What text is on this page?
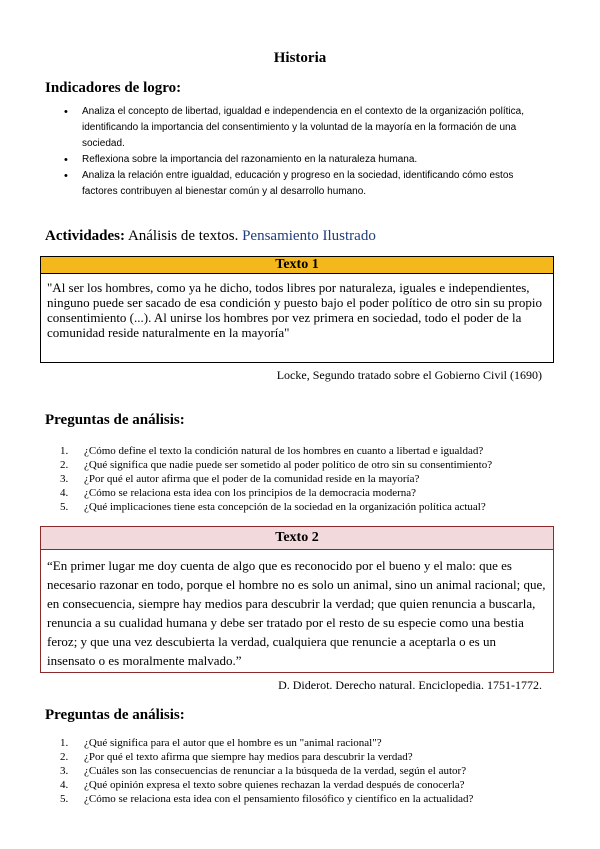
Historia
Indicadores de logro:
• Analiza el concepto de libertad, igualdad e independencia en el contexto de la organización política, identificando la importancia del consentimiento y la voluntad de la mayoría en la formación de una sociedad.
• Reflexiona sobre la importancia del razonamiento en la naturaleza humana.
• Analiza la relación entre igualdad, educación y progreso en la sociedad, identificando cómo estos factores contribuyen al bienestar común y al desarrollo humano.
Actividades: Análisis de textos. Pensamiento Ilustrado
Texto 1
"Al ser los hombres, como ya he dicho, todos libres por naturaleza, iguales e independientes, ninguno puede ser sacado de esa condición y puesto bajo el poder político de otro sin su propio consentimiento (...). Al unirse los hombres por vez primera en sociedad, todo el poder de la comunidad reside naturalmente en la mayoría"
Locke, Segundo tratado sobre el Gobierno Civil (1690)
Preguntas de análisis:
1. ¿Cómo define el texto la condición natural de los hombres en cuanto a libertad e igualdad?
2. ¿Qué significa que nadie puede ser sometido al poder político de otro sin su consentimiento?
3. ¿Por qué el autor afirma que el poder de la comunidad reside en la mayoría?
4. ¿Cómo se relaciona esta idea con los principios de la democracia moderna?
5. ¿Qué implicaciones tiene esta concepción de la sociedad en la organización política actual?
Texto 2
“En primer lugar me doy cuenta de algo que es reconocido por el bueno y el malo: que es necesario razonar en todo, porque el hombre no es solo un animal, sino un animal racional; que, en consecuencia, siempre hay medios para descubrir la verdad; que quien renuncia a buscarla, renuncia a su cualidad humana y debe ser tratado por el resto de su especie como una bestia feroz; y que una vez descubierta la verdad, cualquiera que renuncie a aceptarla o es un insensato o es moralmente malvado.”
D. Diderot. Derecho natural. Enciclopedia. 1751-1772.
Preguntas de análisis:
1. ¿Qué significa para el autor que el hombre es un "animal racional"?
2. ¿Por qué el texto afirma que siempre hay medios para descubrir la verdad?
3. ¿Cuáles son las consecuencias de renunciar a la búsqueda de la verdad, según el autor?
4. ¿Qué opinión expresa el texto sobre quienes rechazan la verdad después de conocerla?
5. ¿Cómo se relaciona esta idea con el pensamiento filosófico y científico en la actualidad?
